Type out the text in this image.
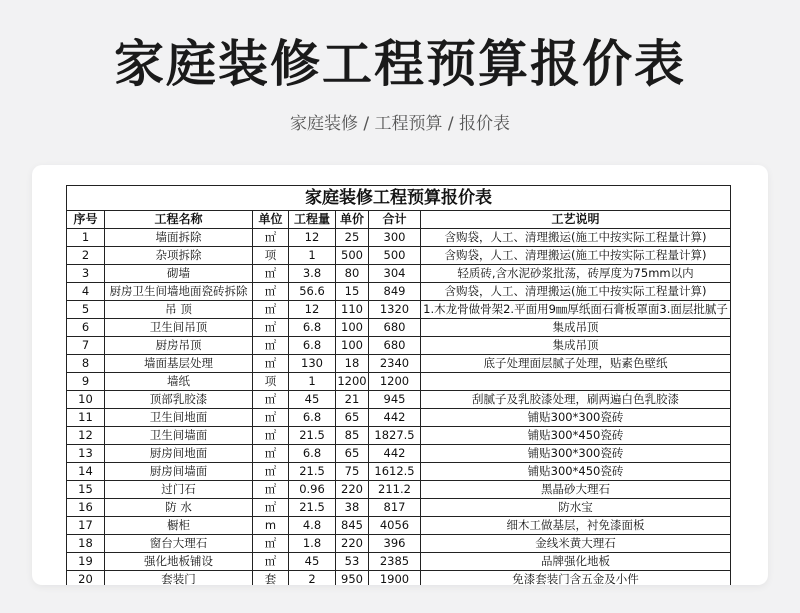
家庭装修工程预算报价表
家庭装修 / 工程预算 / 报价表
家庭装修工程预算报价表						
序号	工程名称	单位	工程量	单价	合计	工艺说明
1	墙面拆除	㎡	12	25	300	含购袋，人工、清理搬运(施工中按实际工程量计算)
2	杂项拆除	项	1	500	500	含购袋，人工、清理搬运(施工中按实际工程量计算)
3	砌墙	㎡	3.8	80	304	轻质砖,含水泥砂浆批荡，砖厚度为75mm以内
4	厨房卫生间墙地面瓷砖拆除	㎡	56.6	15	849	含购袋，人工、清理搬运(施工中按实际工程量计算)
5	吊 顶	㎡	12	110	1320	1.木龙骨做骨架2.平面用9㎜厚纸面石膏板罩面3.面层批腻子
6	卫生间吊顶	㎡	6.8	100	680	集成吊顶
7	厨房吊顶	㎡	6.8	100	680	集成吊顶
8	墙面基层处理	㎡	130	18	2340	底子处理面层腻子处理，贴素色壁纸
9	墙纸	项	1	1200	1200	
10	顶部乳胶漆	㎡	45	21	945	刮腻子及乳胶漆处理，刷两遍白色乳胶漆
11	卫生间地面	㎡	6.8	65	442	铺贴300*300瓷砖
12	卫生间墙面	㎡	21.5	85	1827.5	铺贴300*450瓷砖
13	厨房间地面	㎡	6.8	65	442	铺贴300*300瓷砖
14	厨房间墙面	㎡	21.5	75	1612.5	铺贴300*450瓷砖
15	过门石	㎡	0.96	220	211.2	黑晶砂大理石
16	防 水	㎡	21.5	38	817	防水宝
17	橱柜	m	4.8	845	4056	细木工做基层，衬免漆面板
18	窗台大理石	㎡	1.8	220	396	金线米黄大理石
19	强化地板铺设	㎡	45	53	2385	品牌强化地板
20	套装门	套	2	950	1900	免漆套装门含五金及小件
